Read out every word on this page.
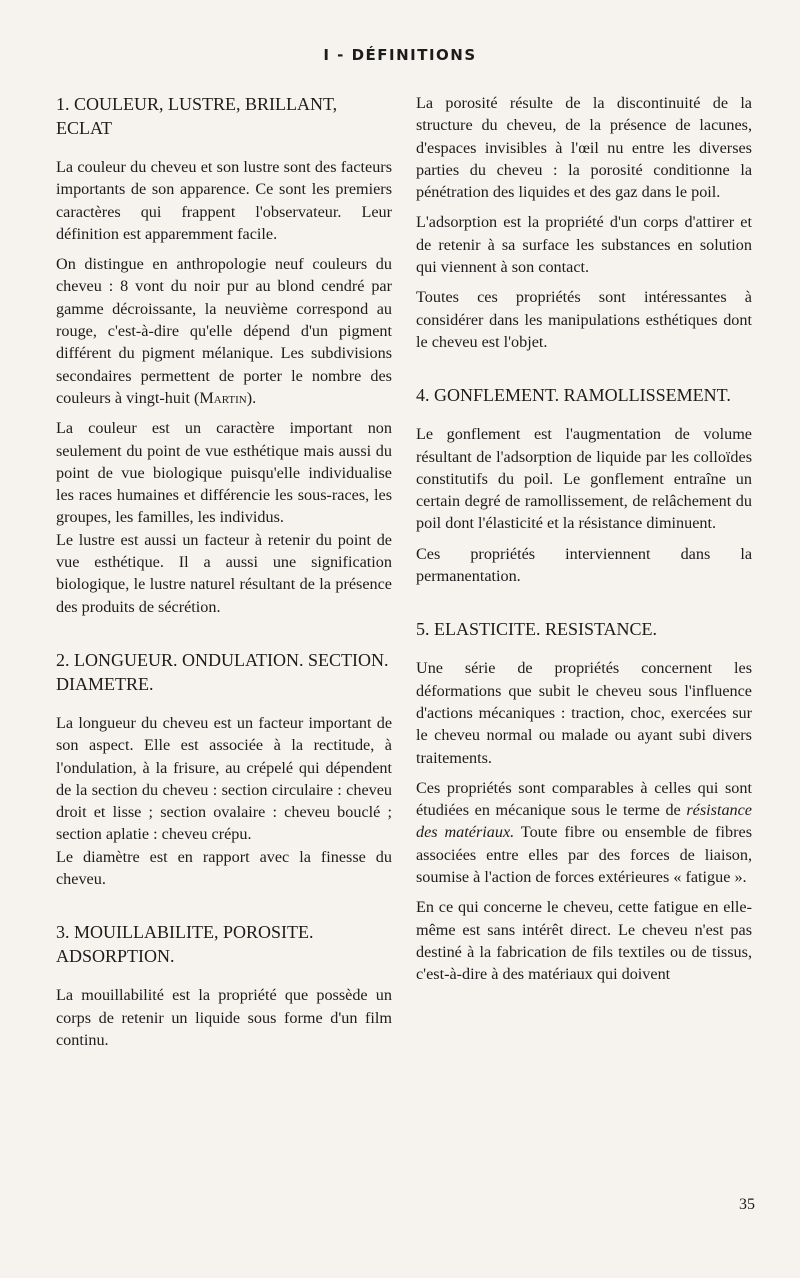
I - DÉFINITIONS
1. COULEUR, LUSTRE, BRILLANT, ECLAT

La couleur du cheveu et son lustre sont des facteurs importants de son apparence. Ce sont les premiers caractères qui frappent l'observateur. Leur définition est apparemment facile.

On distingue en anthropologie neuf couleurs du cheveu : 8 vont du noir pur au blond cendré par gamme décroissante, la neuvième correspond au rouge, c'est-à-dire qu'elle dépend d'un pigment différent du pigment mélanique. Les subdivisions secondaires permettent de porter le nombre des couleurs à vingt-huit (Martin).

La couleur est un caractère important non seulement du point de vue esthétique mais aussi du point de vue biologique puisqu'elle individualise les races humaines et différencie les sous-races, les groupes, les familles, les individus.

Le lustre est aussi un facteur à retenir du point de vue esthétique. Il a aussi une signification biologique, le lustre naturel résultant de la présence des produits de sécrétion.

2. LONGUEUR. ONDULATION. SECTION. DIAMETRE.

La longueur du cheveu est un facteur important de son aspect. Elle est associée à la rectitude, à l'ondulation, à la frisure, au crépelé qui dépendent de la section du cheveu : section circulaire : cheveu droit et lisse ; section ovalaire : cheveu bouclé ; section aplatie : cheveu crépu.

Le diamètre est en rapport avec la finesse du cheveu.

3. MOUILLABILITE, POROSITE. ADSORPTION.

La mouillabilité est la propriété que possède un corps de retenir un liquide sous forme d'un film continu.

La porosité résulte de la discontinuité de la structure du cheveu, de la présence de lacunes, d'espaces invisibles à l'œil nu entre les diverses parties du cheveu : la porosité conditionne la pénétration des liquides et des gaz dans le poil.

L'adsorption est la propriété d'un corps d'attirer et de retenir à sa surface les substances en solution qui viennent à son contact.

Toutes ces propriétés sont intéressantes à considérer dans les manipulations esthétiques dont le cheveu est l'objet.

4. GONFLEMENT. RAMOLLISSEMENT.

Le gonflement est l'augmentation de volume résultant de l'adsorption de liquide par les colloïdes constitutifs du poil. Le gonflement entraîne un certain degré de ramollissement, de relâchement du poil dont l'élasticité et la résistance diminuent.

Ces propriétés interviennent dans la permanentation.

5. ELASTICITE. RESISTANCE.

Une série de propriétés concernent les déformations que subit le cheveu sous l'influence d'actions mécaniques : traction, choc, exercées sur le cheveu normal ou malade ou ayant subi divers traitements.

Ces propriétés sont comparables à celles qui sont étudiées en mécanique sous le terme de résistance des matériaux. Toute fibre ou ensemble de fibres associées entre elles par des forces de liaison, soumise à l'action de forces extérieures « fatigue ».

En ce qui concerne le cheveu, cette fatigue en elle-même est sans intérêt direct. Le cheveu n'est pas destiné à la fabrication de fils textiles ou de tissus, c'est-à-dire à des matériaux qui doivent

35
